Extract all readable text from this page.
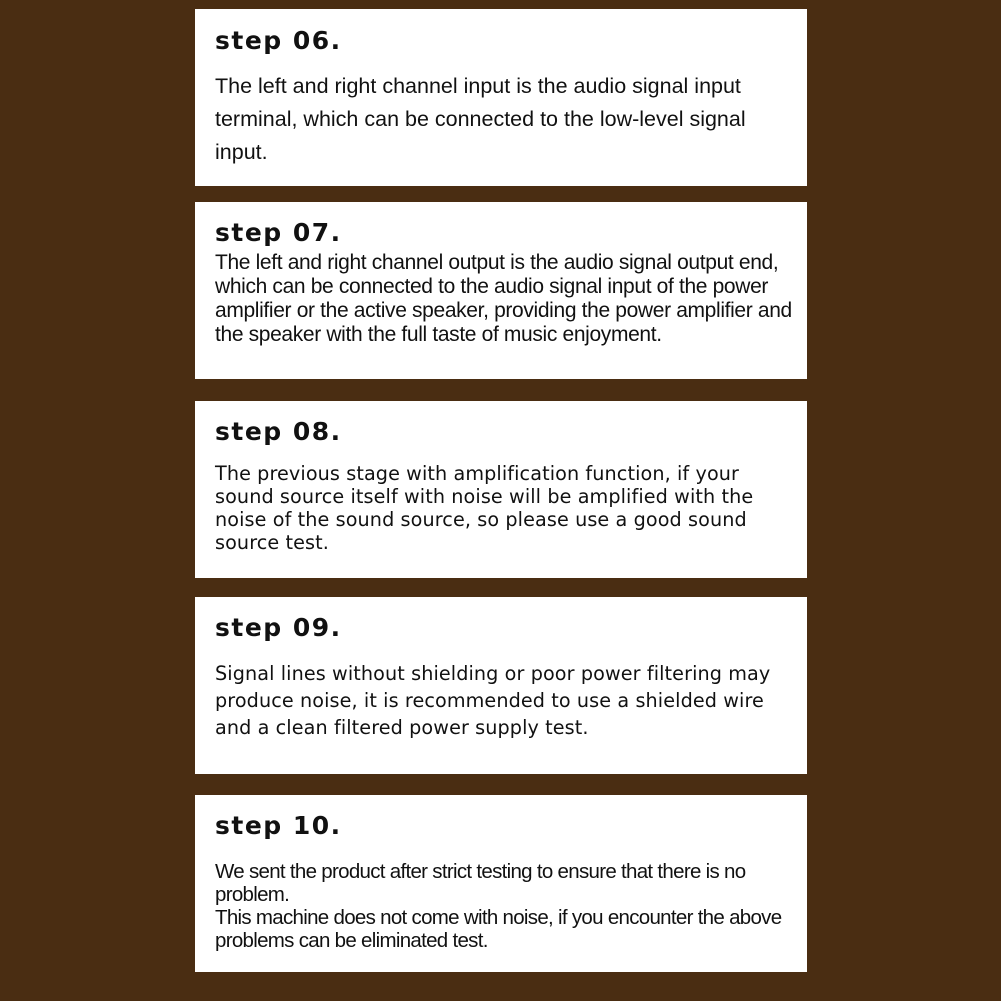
step 06.

The left and right channel input is the audio signal input terminal, which can be connected to the low-level signal input.

step 07.

The left and right channel output is the audio signal output end, which can be connected to the audio signal input of the power amplifier or the active speaker, providing the power amplifier and the speaker with the full taste of music enjoyment.

step 08.

The previous stage with amplification function, if your sound source itself with noise will be amplified with the noise of the sound source, so please use a good sound source test.

step 09.

Signal lines without shielding or poor power filtering may produce noise, it is recommended to use a shielded wire and a clean filtered power supply test.

step 10.

We sent the product after strict testing to ensure that there is no problem.
This machine does not come with noise, if you encounter the above problems can be eliminated test.
